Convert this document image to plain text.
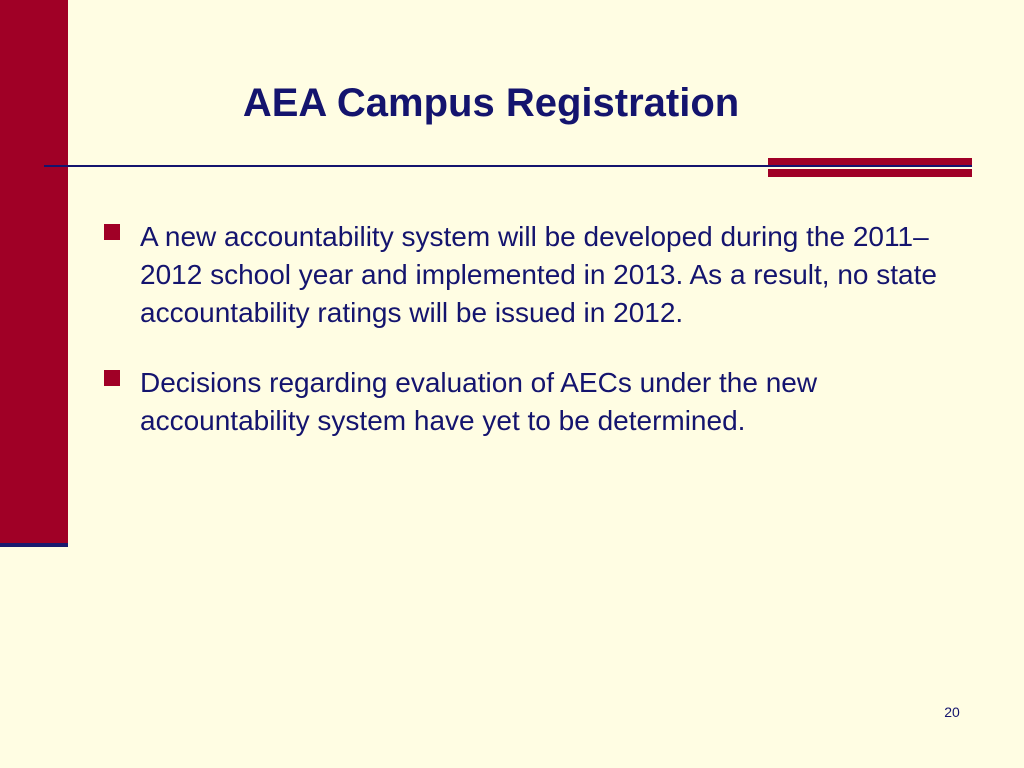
AEA Campus Registration
A new accountability system will be developed during the 2011–2012 school year and implemented in 2013. As a result, no state accountability ratings will be issued in 2012.
Decisions regarding evaluation of AECs under the new accountability system have yet to be determined.
20
